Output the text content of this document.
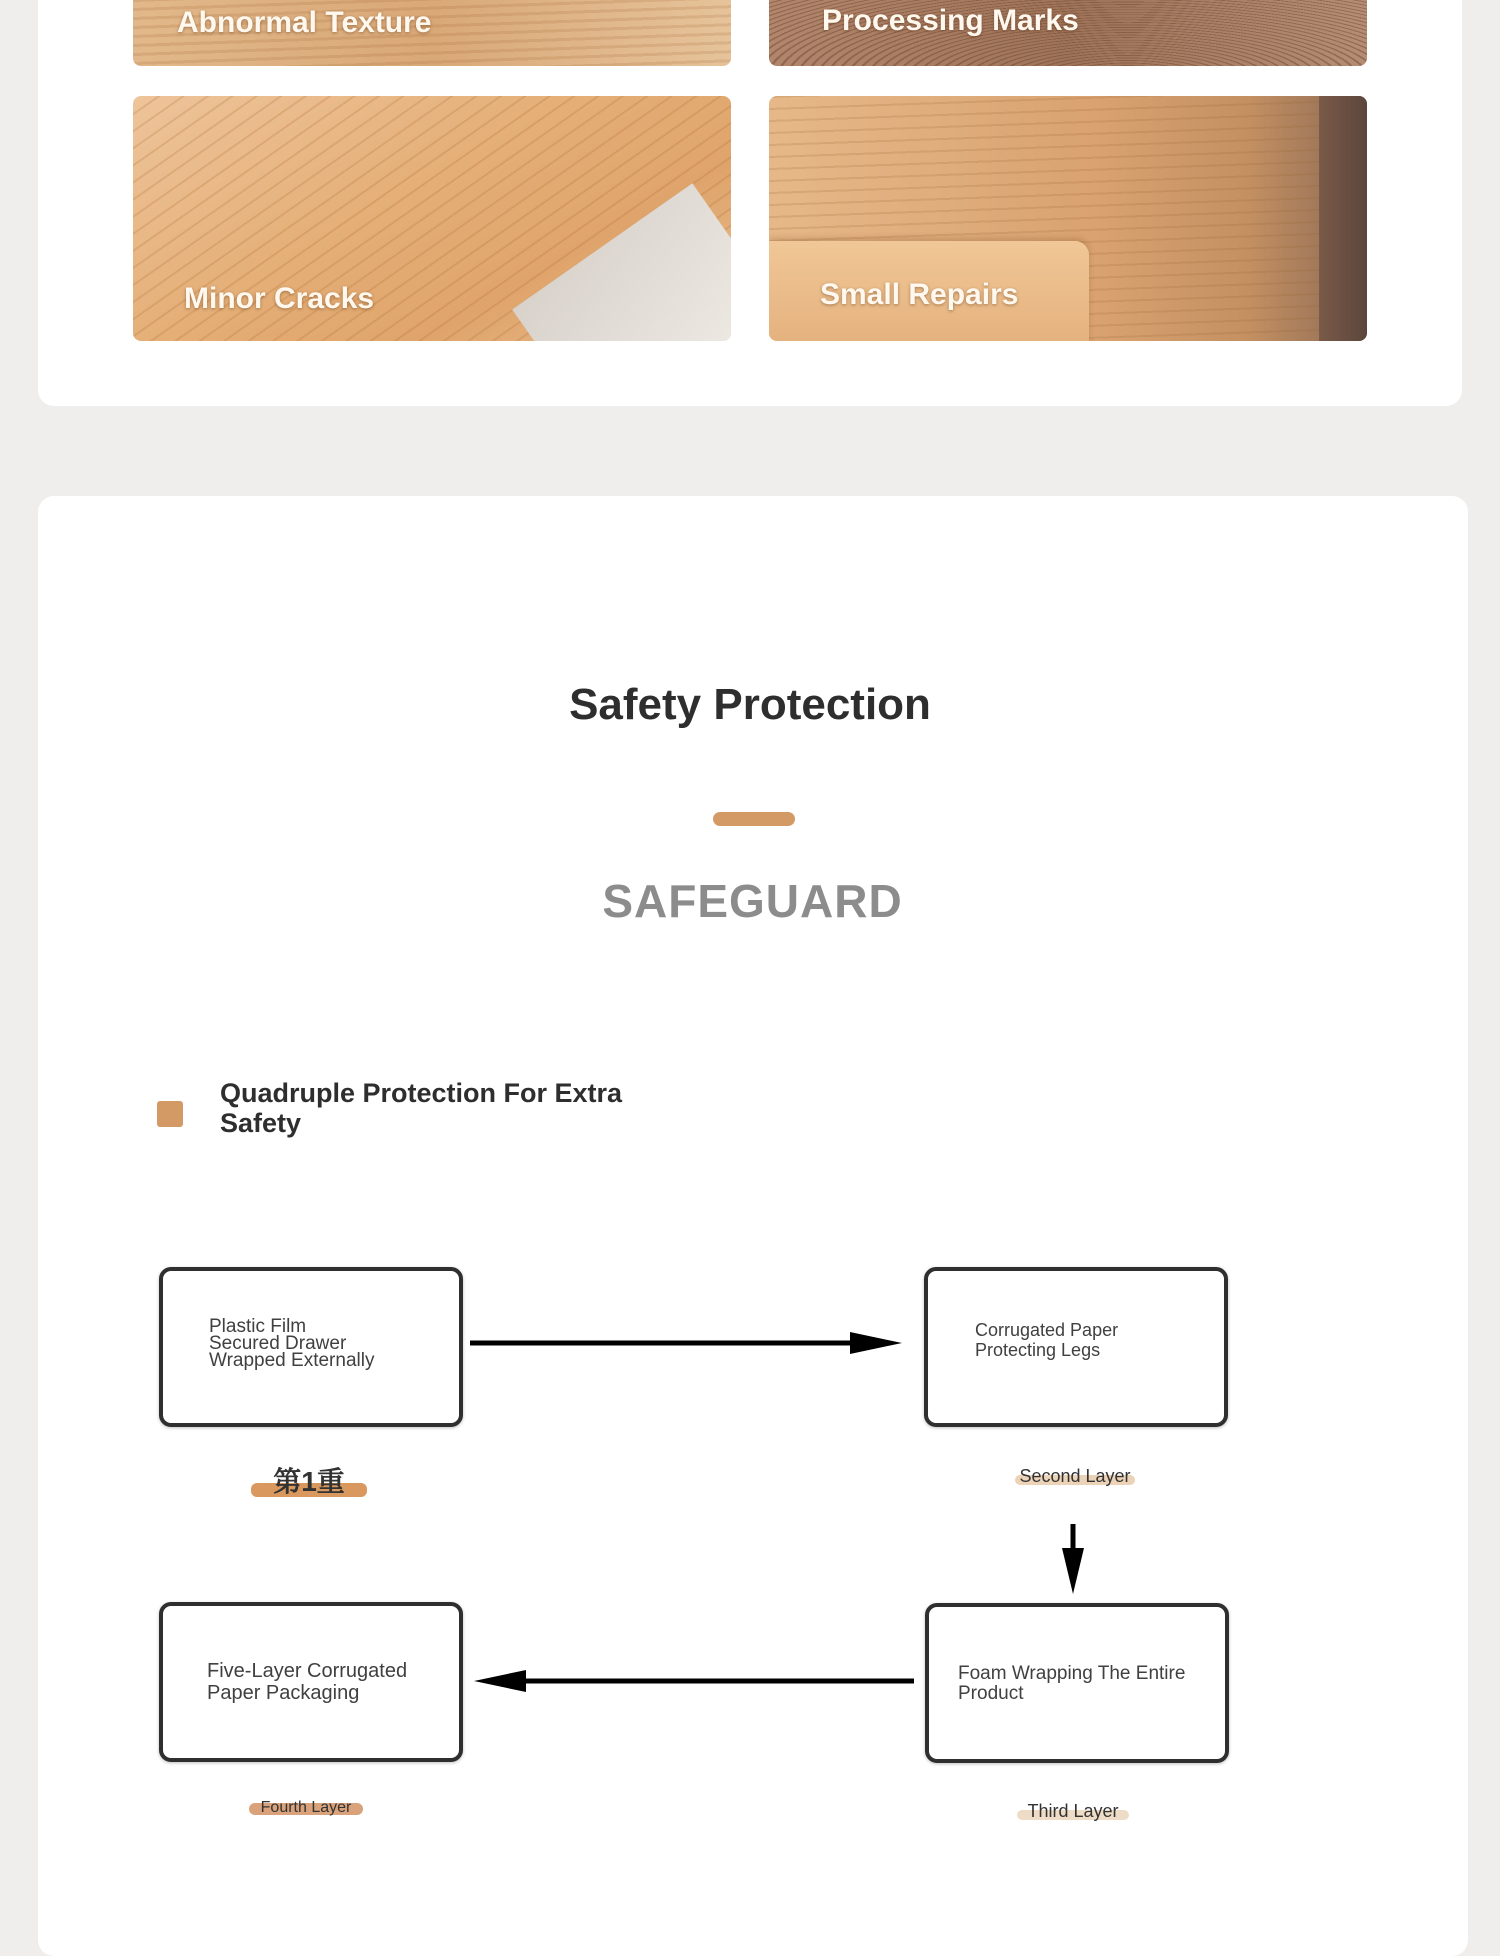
Abnormal Texture	Processing Marks
Minor Cracks	Small Repairs
Safety Protection
SAFEGUARD
Quadruple Protection For Extra
Safety
Plastic Film
Secured Drawer
Wrapped Externally
Corrugated Paper
Protecting Legs
Foam Wrapping The Entire
Product
Five-Layer Corrugated
Paper Packaging
第1重	Second Layer
Third Layer
Fourth Layer
